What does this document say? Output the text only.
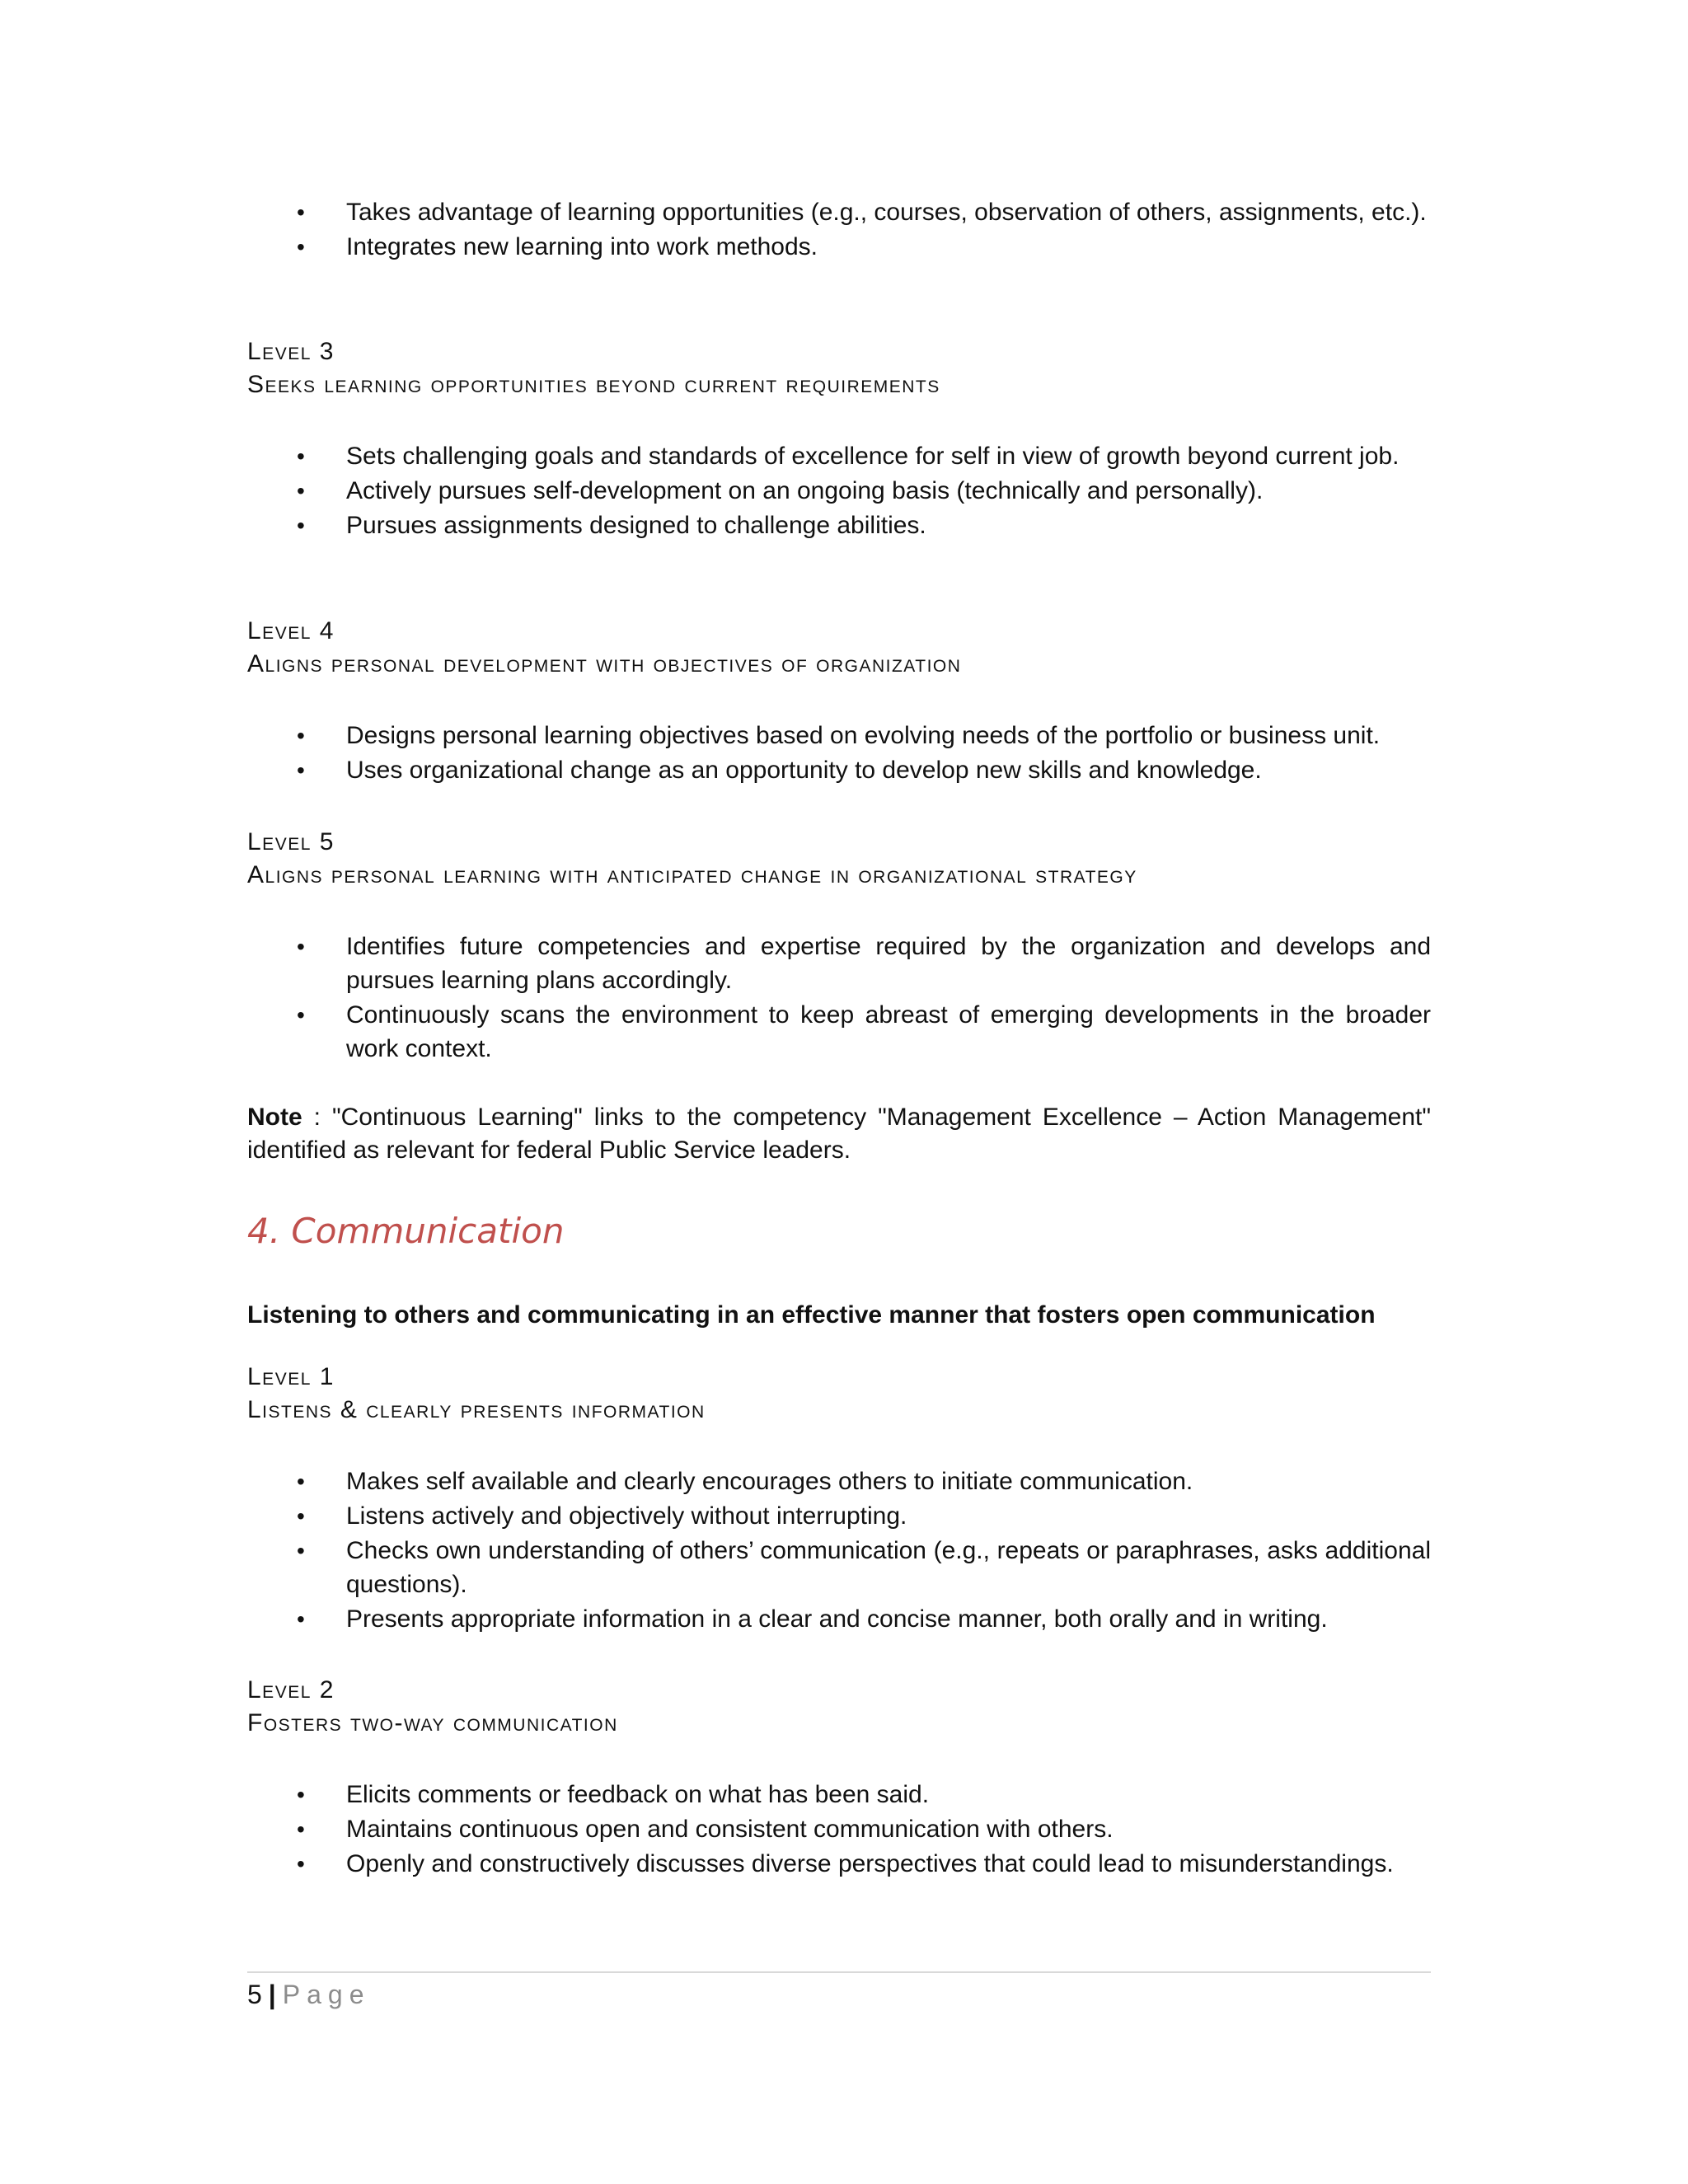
• Takes advantage of learning opportunities (e.g., courses, observation of others, assignments, etc.).
• Integrates new learning into work methods.
Level 3
Seeks learning opportunities beyond current requirements
• Sets challenging goals and standards of excellence for self in view of growth beyond current job.
• Actively pursues self-development on an ongoing basis (technically and personally).
• Pursues assignments designed to challenge abilities.
Level 4
Aligns personal development with objectives of organization
• Designs personal learning objectives based on evolving needs of the portfolio or business unit.
• Uses organizational change as an opportunity to develop new skills and knowledge.
Level 5
Aligns personal learning with anticipated change in organizational strategy
• Identifies future competencies and expertise required by the organization and develops and pursues learning plans accordingly.
• Continuously scans the environment to keep abreast of emerging developments in the broader work context.
Note : "Continuous Learning" links to the competency "Management Excellence – Action Management" identified as relevant for federal Public Service leaders.
4. Communication
Listening to others and communicating in an effective manner that fosters open communication
Level 1
Listens & clearly presents information
• Makes self available and clearly encourages others to initiate communication.
• Listens actively and objectively without interrupting.
• Checks own understanding of others’ communication (e.g., repeats or paraphrases, asks additional questions).
• Presents appropriate information in a clear and concise manner, both orally and in writing.
Level 2
Fosters two-way communication
• Elicits comments or feedback on what has been said.
• Maintains continuous open and consistent communication with others.
• Openly and constructively discusses diverse perspectives that could lead to misunderstandings.
5 | Page
